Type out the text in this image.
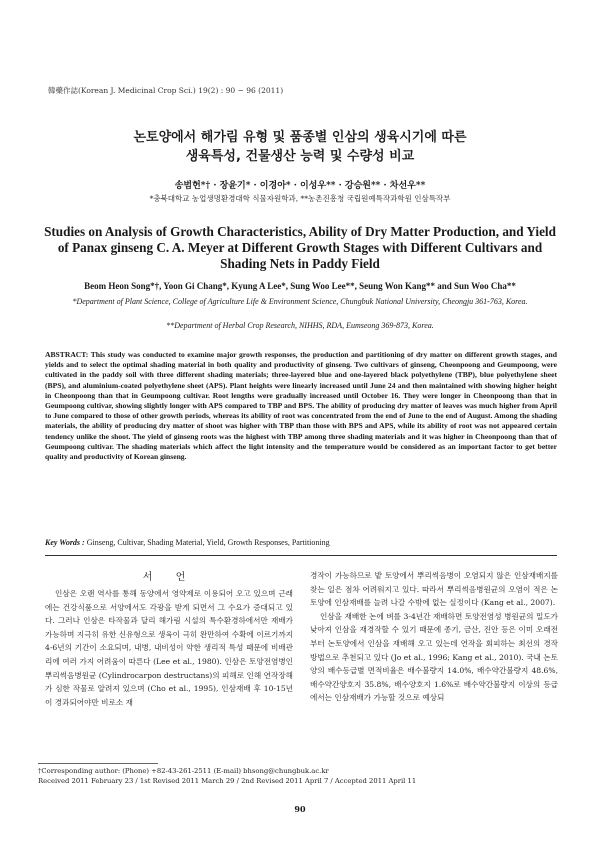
韓藥作誌(Korean J. Medicinal Crop Sci.) 19(2) : 90 − 96 (2011)
논토양에서 해가림 유형 및 품종별 인삼의 생육시기에 따른
생육특성, 건물생산 능력 및 수량성 비교
송범헌*† · 장윤기* · 이경아* · 이성우** · 강승원** · 차선우**
*충북대학교 농업생명환경대학 식물자원학과, **농촌진흥청 국립원예특작과학원 인삼특작부
Studies on Analysis of Growth Characteristics, Ability of Dry Matter Production, and Yield of Panax ginseng C. A. Meyer at Different Growth Stages with Different Cultivars and Shading Nets in Paddy Field
Beom Heon Song*†, Yoon Gi Chang*, Kyung A Lee*, Sung Woo Lee**, Seung Won Kang** and Sun Woo Cha**
*Department of Plant Science, College of Agriculture Life & Environment Science, Chungbuk National University, Cheongju 361-763, Korea.
**Department of Herbal Crop Research, NIHHS, RDA, Eumseong 369-873, Korea.
ABSTRACT: This study was conducted to examine major growth responses, the production and partitioning of dry matter on different growth stages, and yields and to select the optimal shading material in both quality and productivity of ginseng. Two cultivars of ginseng, Cheonpoong and Geumpoong, were cultivated in the paddy soil with three different shading materials; three-layered blue and one-layered black polyethylene (TBP), blue polyethylene sheet (BPS), and aluminium-coated polyethylene sheet (APS). Plant heights were linearly increased until June 24 and then maintained with showing higher height in Cheonpoong than that in Geumpoong cultivar. Root lengths were gradually increased until October 16. They were longer in Cheonpoong than that in Geumpoong cultivar, showing slightly longer with APS compared to TBP and BPS. The ability of producing dry matter of leaves was much higher from April to June compared to those of other growth periods, whereas its ability of root was concentrated from the end of June to the end of August. Among the shading materials, the ability of producing dry matter of shoot was higher with TBP than those with BPS and APS, while its ability of root was not appeared certain tendency unlike the shoot. The yield of ginseng roots was the highest with TBP among three shading materials and it was higher in Cheonpoong than that of Geumpoong cultivar. The shading materials which affect the light intensity and the temperature would be considered as an important factor to get better quality and productivity of Korean ginseng.
Key Words : Ginseng, Cultivar, Shading Material, Yield, Growth Responses, Partitioning
서 언

인삼은 오랜 역사를 통해 동양에서 영약제로 이용되어 오고 있으며 근래에는 건강식품으로 서양에서도 각광을 받게 되면서 그 수요가 증대되고 있다. 그러나 인삼은 타작물과 달리 해가림 시설의 특수환경하에서만 재배가 가능하며 지극히 유한 신유형으로 생육이 극히 완만하여 수확에 이르기까지 4-6년의 기간이 소요되며, 내병, 내비성이 약한 생리적 특성 때문에 비배관리에 여러 가지 어려움이 따른다 (Lee et al., 1980). 인삼은 토양전염병인 뿌리썩음병원균 (Cylindrocarpon destructans)의 피해로 인해 연작장해가 심한 작물로 알려져 있으며 (Cho et al., 1995), 인삼재배 후 10-15년이 경과되어야만 비로소 재

경작이 가능하므로 밭 토양에서 뿌리썩음병이 오염되지 않은 인삼재배지를 찾는 일은 점차 어려워지고 있다. 따라서 뿌리썩음병원균의 오염이 적은 논토양에 인삼재배를 늘려 나갈 수밖에 없는 실정이다 (Kang et al., 2007).

인삼을 재배한 논에 벼를 3-4년간 재배하면 토양전염성 병원균의 밀도가 낮아져 인삼을 재경작할 수 있기 때문에 종기, 금산, 진안 등은 이미 오래전부터 논토양에서 인삼을 재배해 오고 있는데 연작을 회피하는 최선의 경작방법으로 추천되고 있다 (Jo et al., 1996; Kang et al., 2010). 국내 논토양의 배수등급별 면적비율은 배수불량지 14.0%, 배수약간불량지 48.6%, 배수약간양호지 35.8%, 배수양호지 1.6%로 배수약간불량지 이상의 등급에서는 인삼재배가 가능할 것으로 예상되

†Corresponding author: (Phone) +82-43-261-2511 (E-mail) bhsong@chungbuk.ac.kr
Received 2011 February 23 / 1st Revised 2011 March 29 / 2nd Revised 2011 April 7 / Accepted 2011 April 11
90
